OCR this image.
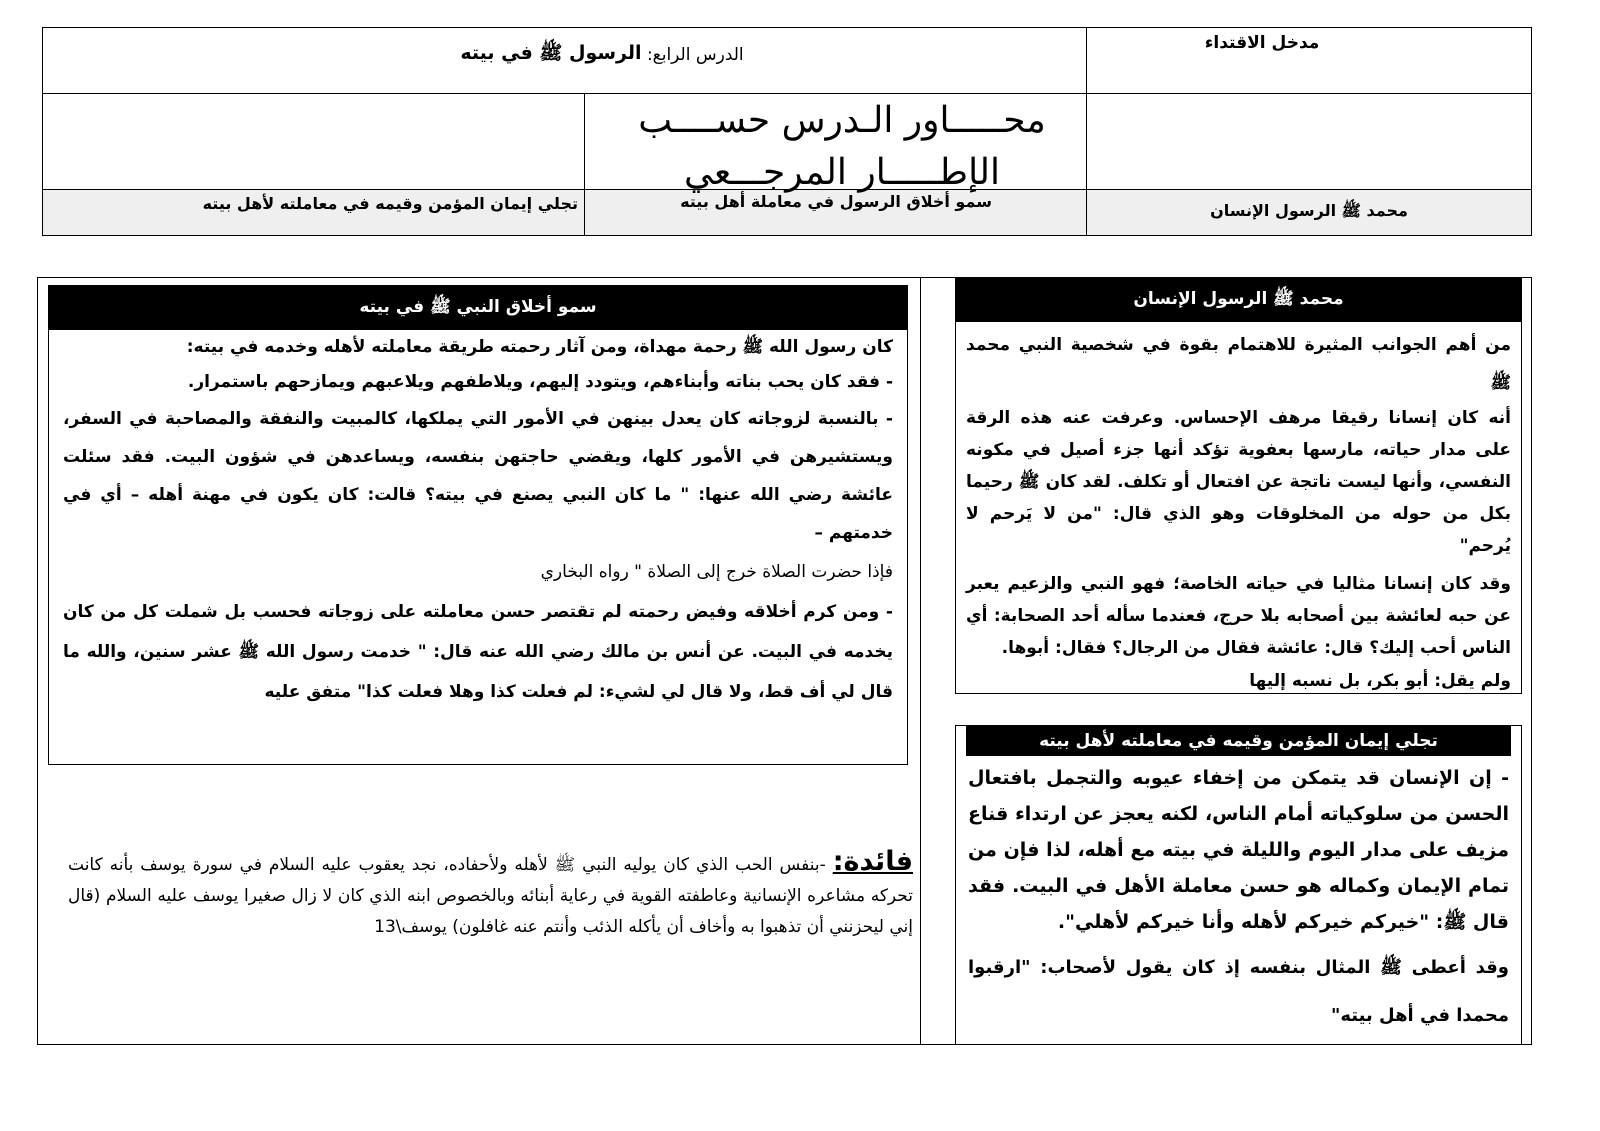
مدخل الاقتداء
الدرس الرابع:

الرسول ﷺ في بيته
محـــــاور الـدرس حســــب
الإطـــــار المرجـــعي
محمد ﷺ الرسول الإنسان
سمو أخلاق الرسول في معاملة أهل بيته
تجلي إيمان المؤمن وقيمه في معاملته لأهل بيته
محمد ﷺ الرسول الإنسان

من أهم الجوانب المثيرة للاهتمام بقوة في شخصية النبي محمد ﷺ

أنه كان إنسانا رقيقا مرهف الإحساس. وعرفت عنه هذه الرقة على مدار حياته، مارسها بعفوية تؤكد أنها جزء أصيل في مكونه النفسي، وأنها ليست ناتجة عن افتعال أو تكلف. لقد كان ﷺ رحيما بكل من حوله من المخلوقات وهو الذي قال: "من لا يَرحم لا يُرحم"

وقد كان إنسانا مثاليا في حياته الخاصة؛ فهو النبي والزعيم يعبر عن حبه لعائشة بين أصحابه بلا حرج، فعندما سأله أحد الصحابة: أي الناس أحب إليك؟ قال: عائشة فقال من الرجال؟ فقال: أبوها.

ولم يقل: أبو بكر، بل نسبه إليها

تجلي إيمان المؤمن وقيمه في معاملته لأهل بيته

- إن الإنسان قد يتمكن من إخفاء عيوبه والتجمل بافتعال الحسن من سلوكياته أمام الناس، لكنه يعجز عن ارتداء قناع مزيف على مدار اليوم والليلة في بيته مع أهله، لذا فإن من تمام الإيمان وكماله هو حسن معاملة الأهل في البيت. فقد قال ﷺ: "خيركم خيركم لأهله وأنا خيركم لأهلي".

وقد أعطى ﷺ المثال بنفسه إذ كان يقول لأصحاب: "ارقبوا محمدا في أهل بيته"

سمو أخلاق النبي ﷺ في بيته

كان رسول الله ﷺ رحمة مهداة، ومن آثار رحمته طريقة معاملته لأهله وخدمه في بيته:

- فقد كان يحب بناته وأبناءهم، ويتودد إليهم، ويلاطفهم ويلاعبهم ويمازحهم باستمرار.

- بالنسبة لزوجاته كان يعدل بينهن في الأمور التي يملكها، كالمبيت والنفقة والمصاحبة في السفر، ويستشيرهن في الأمور كلها، ويقضي حاجتهن بنفسه، ويساعدهن في شؤون البيت. فقد سئلت عائشة رضي الله عنها: " ما كان النبي يصنع في بيته؟ قالت: كان يكون في مهنة أهله – أي في خدمتهم –

فإذا حضرت الصلاة خرج إلى الصلاة " رواه البخاري

- ومن كرم أخلاقه وفيض رحمته لم تقتصر حسن معاملته على زوجاته فحسب بل شملت كل من كان يخدمه في البيت. عن أنس بن مالك رضي الله عنه قال: " خدمت رسول الله ﷺ عشر سنين، والله ما قال لي أف قط، ولا قال لي لشيء: لم فعلت كذا وهلا فعلت كذا" متفق عليه

فائدة: -بنفس الحب الذي كان يوليه النبي ﷺ لأهله ولأحفاده، نجد يعقوب عليه السلام في سورة يوسف بأنه كانت تحركه مشاعره الإنسانية وعاطفته القوية في رعاية أبنائه وبالخصوص ابنه الذي كان لا زال صغيرا يوسف عليه السلام (قال إني ليحزنني أن تذهبوا به وأخاف أن يأكله الذئب وأنتم عنه غافلون) يوسف\13
